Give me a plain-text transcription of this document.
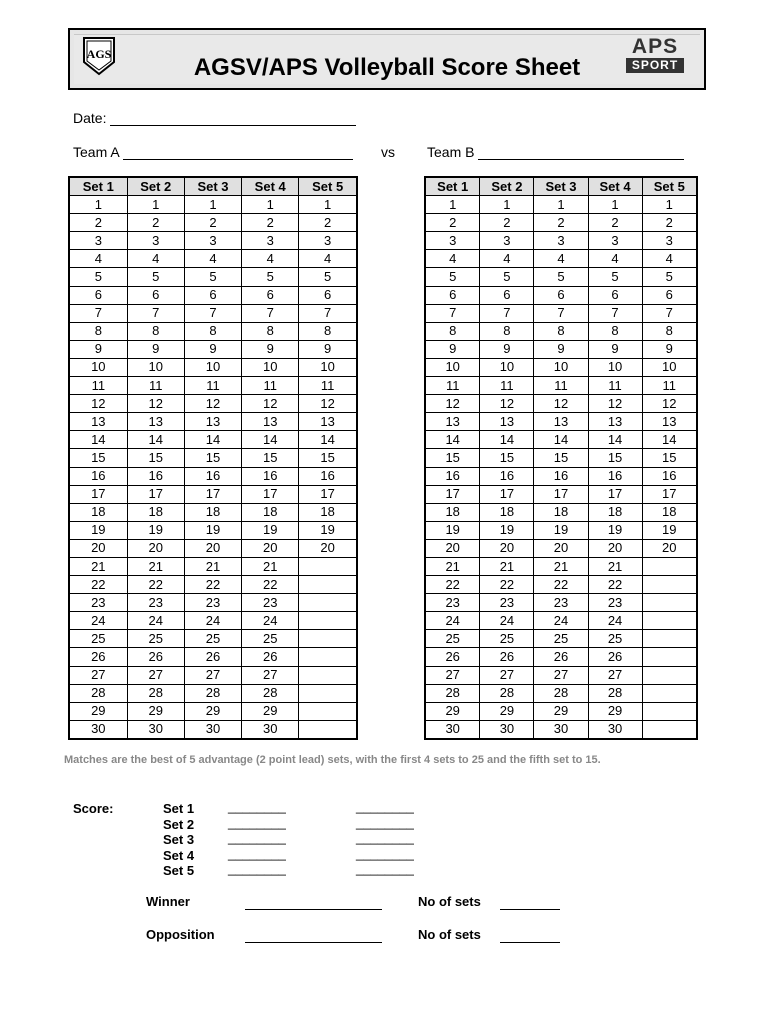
AGS	AGSV/APS Volleyball Score Sheet
APS
SPORT
Date:
Team A	vs Team B
Set 1	Set 2	Set 3	Set 4	Set 5
1	1	1	1	1
2	2	2	2	2
3	3	3	3	3
4	4	4	4	4
5	5	5	5	5
6	6	6	6	6
7	7	7	7	7
8	8	8	8	8
9	9	9	9	9
10	10	10	10	10
11	11	11	11	11
12	12	12	12	12
13	13	13	13	13
14	14	14	14	14
15	15	15	15	15
16	16	16	16	16
17	17	17	17	17
18	18	18	18	18
19	19	19	19	19
20	20	20	20	20
21	21	21	21	
22	22	22	22	
23	23	23	23	
24	24	24	24	
25	25	25	25	
26	26	26	26	
27	27	27	27	
28	28	28	28	
29	29	29	29	
30	30	30	30	
Set 1	Set 2	Set 3	Set 4	Set 5
1	1	1	1	1
2	2	2	2	2
3	3	3	3	3
4	4	4	4	4
5	5	5	5	5
6	6	6	6	6
7	7	7	7	7
8	8	8	8	8
9	9	9	9	9
10	10	10	10	10
11	11	11	11	11
12	12	12	12	12
13	13	13	13	13
14	14	14	14	14
15	15	15	15	15
16	16	16	16	16
17	17	17	17	17
18	18	18	18	18
19	19	19	19	19
20	20	20	20	20
21	21	21	21	
22	22	22	22	
23	23	23	23	
24	24	24	24	
25	25	25	25	
26	26	26	26	
27	27	27	27	
28	28	28	28	
29	29	29	29	
30	30	30	30	
Matches are the best of 5 advantage (2 point lead) sets, with the first 4 sets to 25 and the fifth set to 15.
Score:	Set 1	________	________
Set 2	________	________
Set 3	________	________
Set 4	________	________
Set 5	________	________
Winner	No of sets
Opposition	No of sets
